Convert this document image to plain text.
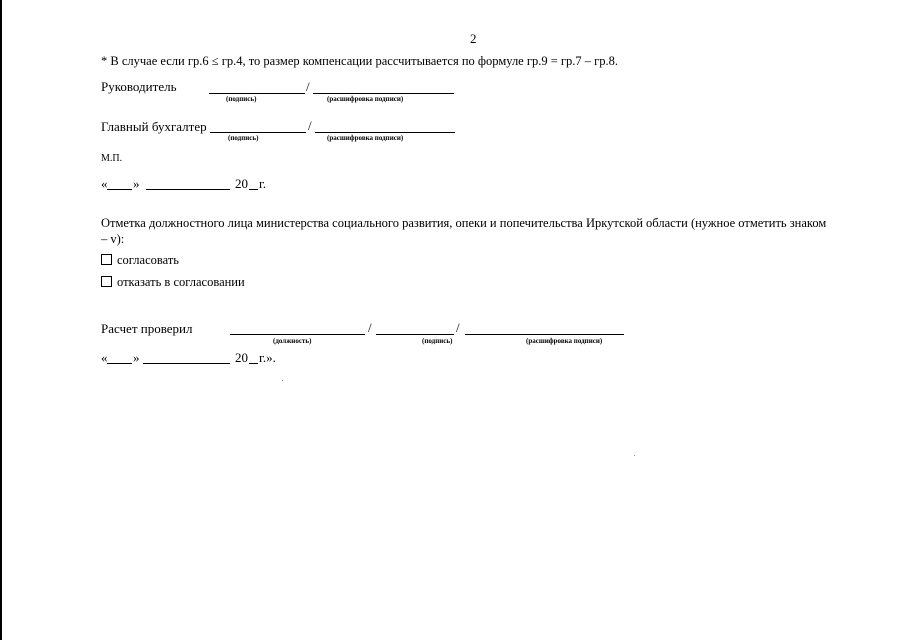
2
* В случае если гр.6 ≤ гр.4, то размер компенсации рассчитывается по формуле гр.9 = гр.7 – гр.8.
Руководитель	/
(подпись)	(расшифровка подписи)
Главный бухгалтер	/
(подпись)	(расшифровка подписи)
М.П.
« »	20 г.
Отметка должностного лица министерства социального развития, опеки и попечительства Иркутской области (нужное отметить знаком
– v):
согласовать
отказать в согласовании
Расчет проверил	/	/
(должность)	(подпись)	(расшифровка подписи)
« »	20 г.».
